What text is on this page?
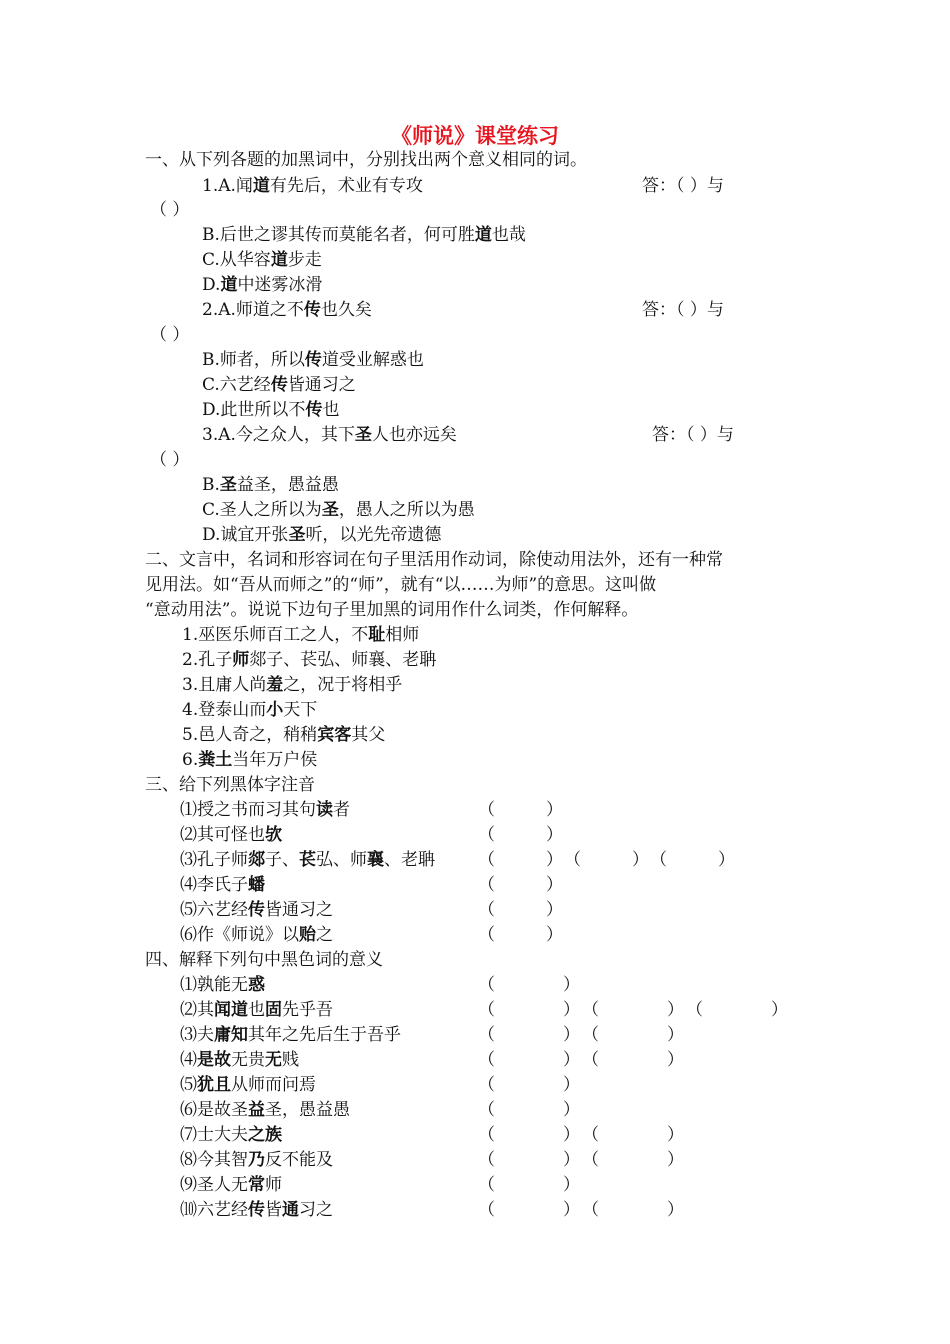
《师说》课堂练习
一、从下列各题的加黑词中，分别找出两个意义相同的词。
1.A.闻道有先后，术业有专攻	答：（ ）与
（ ）
B.后世之谬其传而莫能名者，何可胜道也哉
C.从华容道步走
D.道中迷雾冰滑
2.A.师道之不传也久矣	答：（ ）与
（ ）
B.师者，所以传道受业解惑也
C.六艺经传皆通习之
D.此世所以不传也
3.A.今之众人，其下圣人也亦远矣	答：（ ）与
（ ）
B.圣益圣，愚益愚
C.圣人之所以为圣，愚人之所以为愚
D.诚宜开张圣听，以光先帝遗德
二、文言中，名词和形容词在句子里活用作动词，除使动用法外，还有一种常
见用法。如“吾从而师之”的“师”，就有“以……为师”的意思。这叫做
“意动用法”。说说下边句子里加黑的词用作什么词类，作何解释。
1.巫医乐师百工之人，不耻相师
2.孔子师郯子、苌弘、师襄、老聃
3.且庸人尚羞之，况于将相乎
4.登泰山而小天下
5.邑人奇之，稍稍宾客其父
6.粪土当年万户侯
三、给下列黑体字注音
⑴授之书而习其句读者	（　　　）
⑵其可怪也欤	（　　　）
⑶孔子师郯子、苌弘、师襄、老聃	（　　　） （　　　） （　　　）
⑷李氏子蟠	（　　　）
⑸六艺经传皆通习之	（　　　）
⑹作《师说》以贻之	（　　　）
四、解释下列句中黑色词的意义
⑴孰能无惑	（　　　　）
⑵其闻道也固先乎吾	（　　　　） （　　　　） （　　　　）
⑶夫庸知其年之先后生于吾乎	（　　　　） （　　　　）
⑷是故无贵无贱	（　　　　） （　　　　）
⑸犹且从师而问焉	（　　　　）
⑹是故圣益圣，愚益愚	（　　　　）
⑺士大夫之族	（　　　　） （　　　　）
⑻今其智乃反不能及	（　　　　） （　　　　）
⑼圣人无常师	（　　　　）
⑽六艺经传皆通习之	（　　　　） （　　　　）
